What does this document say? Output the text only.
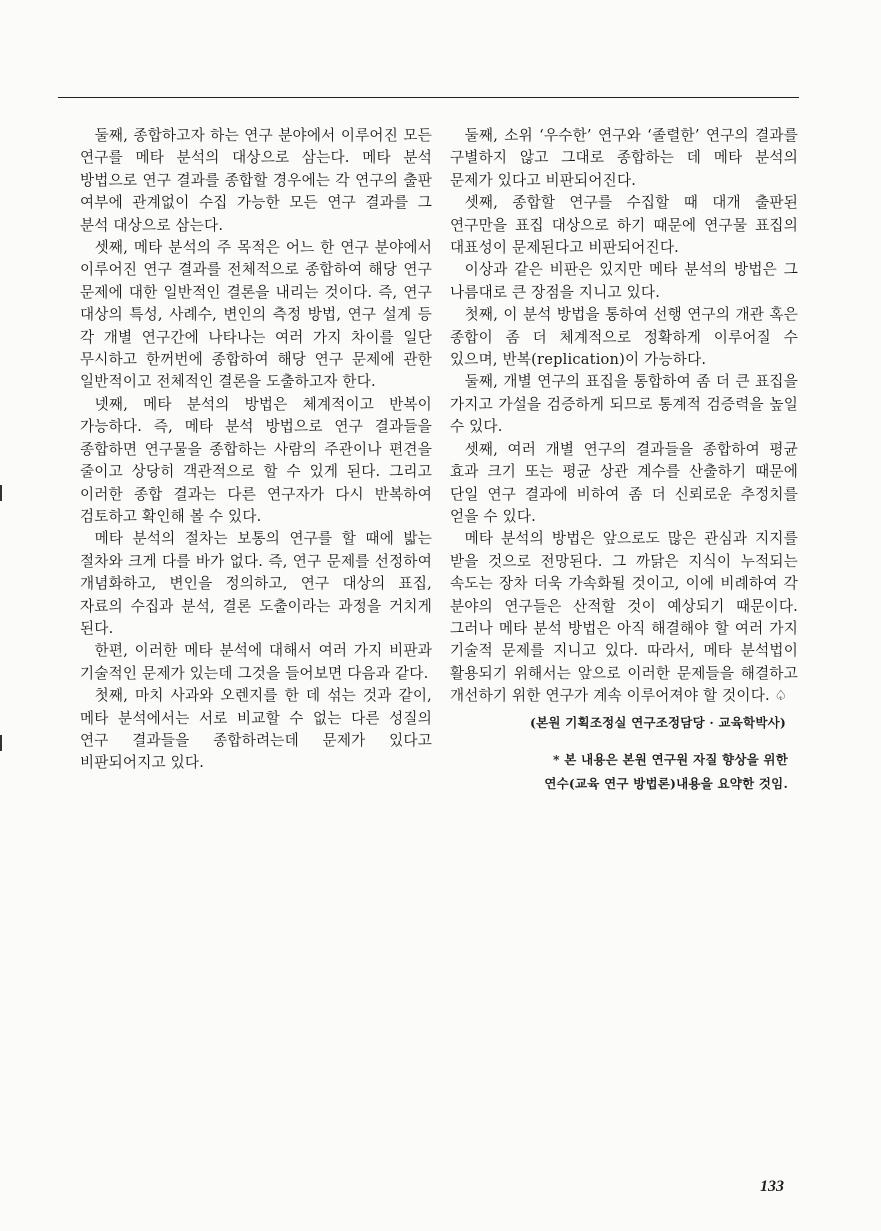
둘째, 종합하고자 하는 연구 분야에서 이루어진 모든 연구를 메타 분석의 대상으로 삼는다. 메타 분석 방법으로 연구 결과를 종합할 경우에는 각 연구의 출판 여부에 관계없이 수집 가능한 모든 연구 결과를 그 분석 대상으로 삼는다.

셋째, 메타 분석의 주 목적은 어느 한 연구 분야에서 이루어진 연구 결과를 전체적으로 종합하여 해당 연구 문제에 대한 일반적인 결론을 내리는 것이다. 즉, 연구 대상의 특성, 사례수, 변인의 측정 방법, 연구 설계 등 각 개별 연구간에 나타나는 여러 가지 차이를 일단 무시하고 한꺼번에 종합하여 해당 연구 문제에 관한 일반적이고 전체적인 결론을 도출하고자 한다.

넷째, 메타 분석의 방법은 체계적이고 반복이 가능하다. 즉, 메타 분석 방법으로 연구 결과들을 종합하면 연구물을 종합하는 사람의 주관이나 편견을 줄이고 상당히 객관적으로 할 수 있게 된다. 그리고 이러한 종합 결과는 다른 연구자가 다시 반복하여 검토하고 확인해 볼 수 있다.

메타 분석의 절차는 보통의 연구를 할 때에 밟는 절차와 크게 다를 바가 없다. 즉, 연구 문제를 선정하여 개념화하고, 변인을 정의하고, 연구 대상의 표집, 자료의 수집과 분석, 결론 도출이라는 과정을 거치게 된다.

한편, 이러한 메타 분석에 대해서 여러 가지 비판과 기술적인 문제가 있는데 그것을 들어보면 다음과 같다.

첫째, 마치 사과와 오렌지를 한 데 섞는 것과 같이, 메타 분석에서는 서로 비교할 수 없는 다른 성질의 연구 결과들을 종합하려는데 문제가 있다고 비판되어지고 있다.

둘째, 소위 ‘우수한’ 연구와 ‘졸렬한’ 연구의 결과를 구별하지 않고 그대로 종합하는 데 메타 분석의 문제가 있다고 비판되어진다.

셋째, 종합할 연구를 수집할 때 대개 출판된 연구만을 표집 대상으로 하기 때문에 연구물 표집의 대표성이 문제된다고 비판되어진다.

이상과 같은 비판은 있지만 메타 분석의 방법은 그 나름대로 큰 장점을 지니고 있다.

첫째, 이 분석 방법을 통하여 선행 연구의 개관 혹은 종합이 좀 더 체계적으로 정확하게 이루어질 수 있으며, 반복(replication)이 가능하다.

둘째, 개별 연구의 표집을 통합하여 좀 더 큰 표집을 가지고 가설을 검증하게 되므로 통계적 검증력을 높일 수 있다.

셋째, 여러 개별 연구의 결과들을 종합하여 평균 효과 크기 또는 평균 상관 계수를 산출하기 때문에 단일 연구 결과에 비하여 좀 더 신뢰로운 추정치를 얻을 수 있다.

메타 분석의 방법은 앞으로도 많은 관심과 지지를 받을 것으로 전망된다. 그 까닭은 지식이 누적되는 속도는 장차 더욱 가속화될 것이고, 이에 비례하여 각 분야의 연구들은 산적할 것이 예상되기 때문이다. 그러나 메타 분석 방법은 아직 해결해야 할 여러 가지 기술적 문제를 지니고 있다. 따라서, 메타 분석법이 활용되기 위해서는 앞으로 이러한 문제들을 해결하고 개선하기 위한 연구가 계속 이루어져야 할 것이다. ♤

(본원 기획조정실 연구조정담당 · 교육학박사)
* 본 내용은 본원 연구원 자질 향상을 위한
연수(교육 연구 방법론)내용을 요약한 것임.
133
